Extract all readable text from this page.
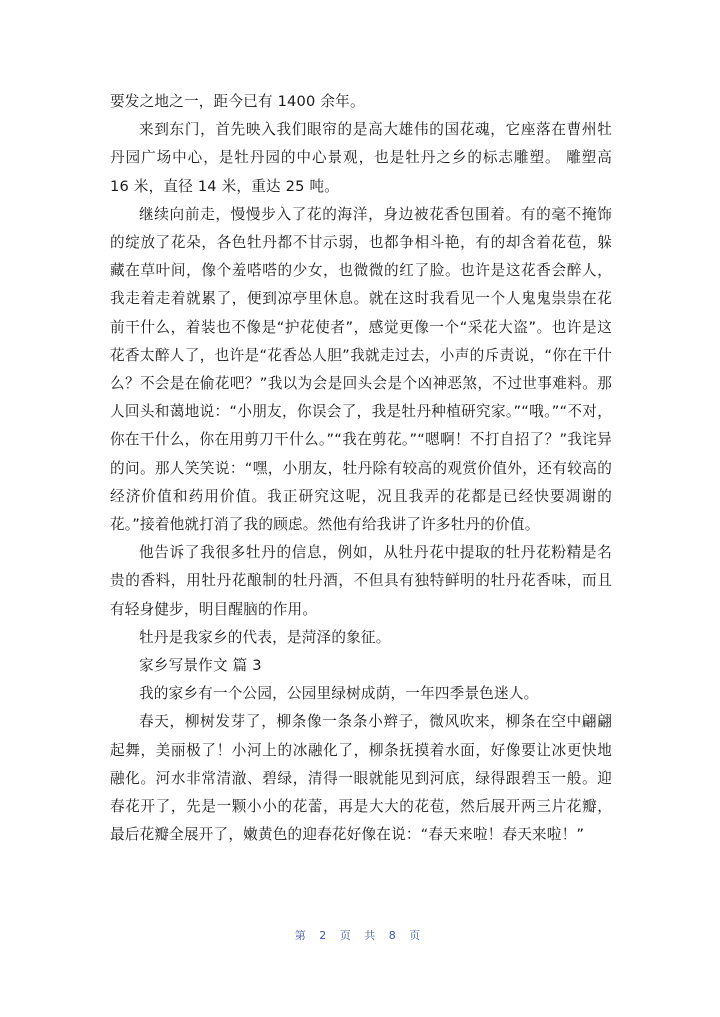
要发之地之一，距今已有 1400 余年。

来到东门，首先映入我们眼帘的是高大雄伟的国花魂，它座落在曹州牡丹园广场中心，是牡丹园的中心景观，也是牡丹之乡的标志雕塑。 雕塑高 16 米，直径 14 米，重达 25 吨。

继续向前走，慢慢步入了花的海洋，身边被花香包围着。有的毫不掩饰的绽放了花朵，各色牡丹都不甘示弱，也都争相斗艳，有的却含着花苞，躲藏在草叶间，像个羞嗒嗒的少女，也微微的红了脸。也许是这花香会醉人，我走着走着就累了，便到凉亭里休息。就在这时我看见一个人鬼鬼祟祟在花前干什么，着装也不像是“护花使者”，感觉更像一个“采花大盗”。也许是这花香太醉人了，也许是“花香怂人胆”我就走过去，小声的斥责说，“你在干什么？不会是在偷花吧？”我以为会是回头会是个凶神恶煞，不过世事难料。那人回头和蔼地说：“小朋友，你误会了，我是牡丹种植研究家。”“哦。”“不对，你在干什么，你在用剪刀干什么。”“我在剪花。”“嗯啊！不打自招了？”我诧异的问。那人笑笑说：“嘿，小朋友，牡丹除有较高的观赏价值外，还有较高的经济价值和药用价值。我正研究这呢，况且我弄的花都是已经快要凋谢的花。”接着他就打消了我的顾虑。然他有给我讲了许多牡丹的价值。

他告诉了我很多牡丹的信息，例如，从牡丹花中提取的牡丹花粉精是名贵的香料，用牡丹花酿制的牡丹酒，不但具有独特鲜明的牡丹花香味，而且有轻身健步，明目醒脑的作用。

牡丹是我家乡的代表，是菏泽的象征。

家乡写景作文 篇 3

我的家乡有一个公园，公园里绿树成荫，一年四季景色迷人。

春天，柳树发芽了，柳条像一条条小辫子，微风吹来，柳条在空中翩翩起舞，美丽极了！小河上的冰融化了，柳条抚摸着水面，好像要让冰更快地融化。河水非常清澈、碧绿，清得一眼就能见到河底，绿得跟碧玉一般。迎春花开了，先是一颗小小的花蕾，再是大大的花苞，然后展开两三片花瓣，最后花瓣全展开了，嫩黄色的迎春花好像在说：“春天来啦！春天来啦！”

第 2 页 共 8 页
